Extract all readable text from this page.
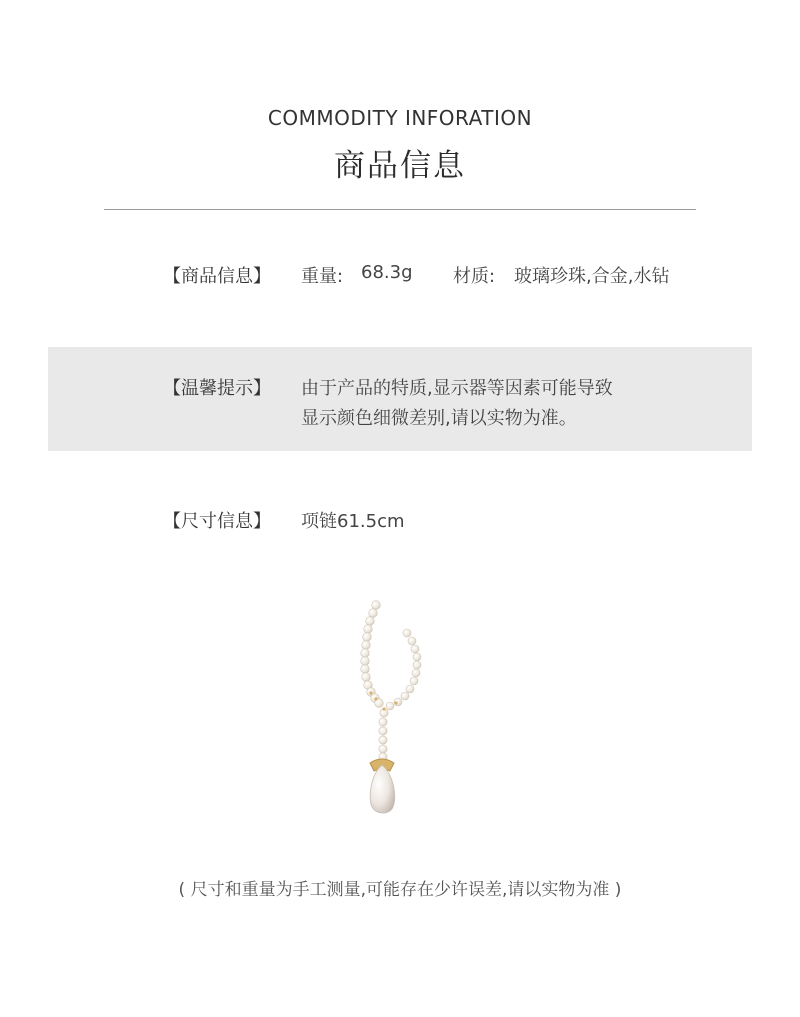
COMMODITY INFORATION
商品信息
【商品信息】 重量: 68.3g 材质: 玻璃珍珠,合金,水钻
【温馨提示】 由于产品的特质,显示器等因素可能导致
显示颜色细微差别,请以实物为准。
【尺寸信息】 项链61.5cm
( 尺寸和重量为手工测量,可能存在少许误差,请以实物为准 )
